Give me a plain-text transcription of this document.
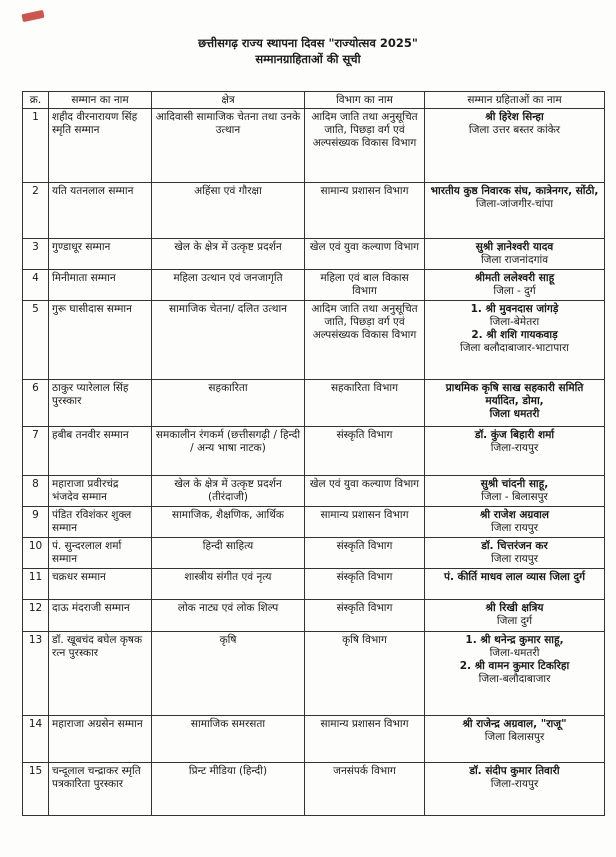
छत्तीसगढ़ राज्य स्थापना दिवस "राज्योत्सव 2025"
सम्मानग्राहिताओं की सूची
क्र.	सम्मान का नाम	क्षेत्र	विभाग का नाम	सम्मान ग्रहिताओं का नाम
1	शहीद वीरनारायण सिंह स्मृति सम्मान	आदिवासी सामाजिक चेतना तथा उनके उत्थान	आदिम जाति तथा अनुसूचित जाति, पिछड़ा वर्ग एवं अल्पसंख्यक विकास विभाग	श्री हिरेश सिन्हा
जिला उत्तर बस्तर कांकेर

2	यति यतनलाल सम्मान	अहिंसा एवं गौरक्षा	सामान्य प्रशासन विभाग	भारतीय कुष्ठ निवारक संघ, कात्रेनगर, सोंठी,
जिला-जांजगीर-चांपा

3	गुण्डाधूर सम्मान	खेल के क्षेत्र में उत्कृष्ट प्रदर्शन	खेल एवं युवा कल्याण विभाग	सुश्री ज्ञानेश्वरी यादव
जिला राजनांदगांव

4	मिनीमाता सम्मान	महिला उत्थान एवं जनजागृति	महिला एवं बाल विकास विभाग	श्रीमती ललेश्वरी साहू
जिला - दुर्ग

5	गुरू घासीदास सम्मान	सामाजिक चेतना/ दलित उत्थान	आदिम जाति तथा अनुसूचित जाति, पिछड़ा वर्ग एवं अल्पसंख्यक विकास विभाग	1. श्री मुवनदास जांगड़े
जिला-बेमेतरा
2. श्री शशि गायकवाड़
जिला बलौदाबाजार-भाटापारा

6	ठाकुर प्यारेलाल सिंह पुरस्कार	सहकारिता	सहकारिता विभाग	प्राथमिक कृषि साख सहकारी समिति मर्यादित, डोमा,
जिला धमतरी

7	हबीब तनवीर सम्मान	समकालीन रंगकर्म (छत्तीसगढ़ी / हिन्दी / अन्य भाषा नाटक)	संस्कृति विभाग	डॉ. कुंज बिहारी शर्मा
जिला-रायपुर

8	महाराजा प्रवीरचंद्र भंजदेव सम्मान	खेल के क्षेत्र में उत्कृष्ट प्रदर्शन (तीरंदाजी)	खेल एवं युवा कल्याण विभाग	सुश्री चांदनी साहू,
जिला - बिलासपुर

9	पंडित रविशंकर शुक्ल सम्मान	सामाजिक, शैक्षणिक, आर्थिक	सामान्य प्रशासन विभाग	श्री राजेश अग्रवाल
जिला रायपुर

10	पं. सुन्दरलाल शर्मा सम्मान	हिन्दी साहित्य	संस्कृति विभाग	डॉ. चित्तरंजन कर
जिला रायपुर

11	चक्रधर सम्मान	शास्त्रीय संगीत एवं नृत्य	संस्कृति विभाग	पं. कीर्ति माधव लाल व्यास जिला दुर्ग

12	दाऊ मंदराजी सम्मान	लोक नाट्य एवं लोक शिल्प	संस्कृति विभाग	श्री रिखी क्षत्रिय
जिला दुर्ग

13	डॉ. खूबचंद बघेल कृषक रत्न पुरस्कार	कृषि	कृषि विभाग	1. श्री थनेन्द्र कुमार साहू,
जिला-धमतरी
2. श्री वामन कुमार टिकरिहा
जिला-बलौदाबाजार

14	महाराजा अग्रसेन सम्मान	सामाजिक समरसता	सामान्य प्रशासन विभाग	श्री राजेन्द्र अग्रवाल, "राजू"
जिला बिलासपुर

15	चन्दूलाल चन्द्राकर स्मृति पत्रकारिता पुरस्कार	प्रिन्ट मीडिया (हिन्दी)	जनसंपर्क विभाग	डॉ. संदीप कुमार तिवारी
जिला-रायपुर
